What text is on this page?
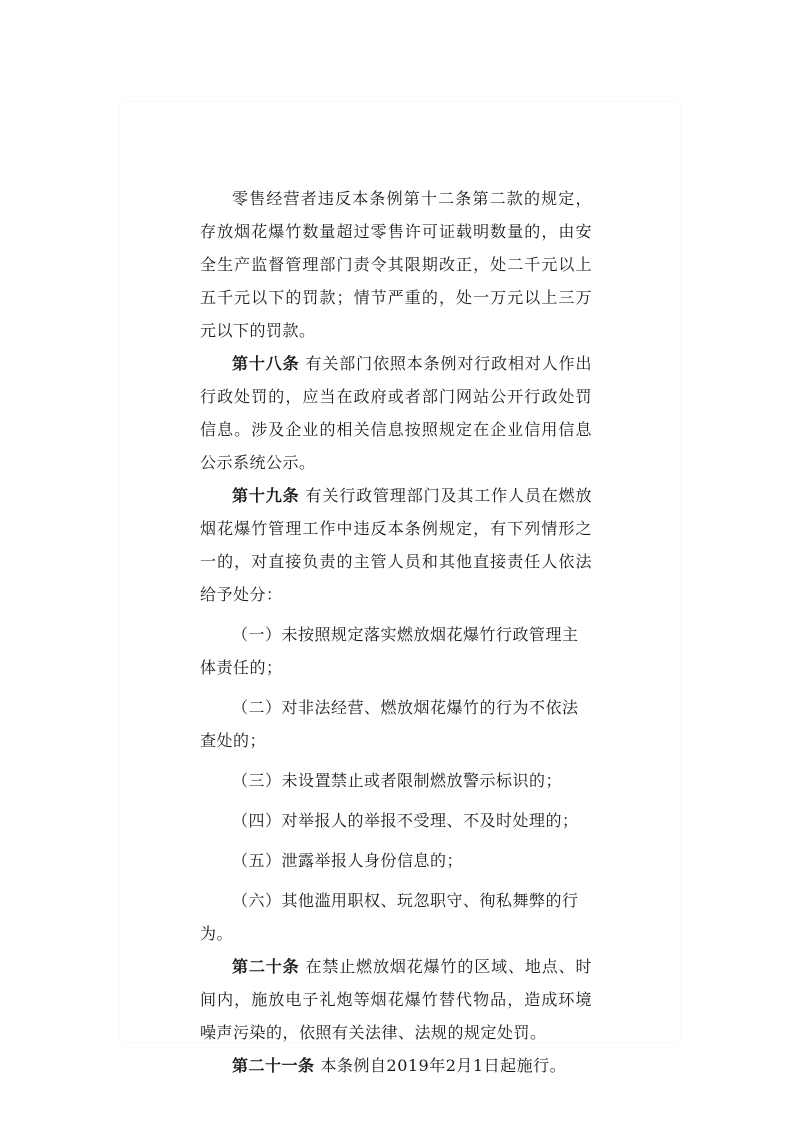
零售经营者违反本条例第十二条第二款的规定，存放烟花爆竹数量超过零售许可证载明数量的，由安全生产监督管理部门责令其限期改正，处二千元以上五千元以下的罚款；情节严重的，处一万元以上三万元以下的罚款。

第十八条 有关部门依照本条例对行政相对人作出行政处罚的，应当在政府或者部门网站公开行政处罚信息。涉及企业的相关信息按照规定在企业信用信息公示系统公示。

第十九条 有关行政管理部门及其工作人员在燃放烟花爆竹管理工作中违反本条例规定，有下列情形之一的，对直接负责的主管人员和其他直接责任人依法给予处分：

（一）未按照规定落实燃放烟花爆竹行政管理主体责任的；

（二）对非法经营、燃放烟花爆竹的行为不依法查处的；

（三）未设置禁止或者限制燃放警示标识的；

（四）对举报人的举报不受理、不及时处理的；

（五）泄露举报人身份信息的；

（六）其他滥用职权、玩忽职守、徇私舞弊的行为。

第二十条 在禁止燃放烟花爆竹的区域、地点、时间内，施放电子礼炮等烟花爆竹替代物品，造成环境噪声污染的，依照有关法律、法规的规定处罚。

第二十一条 本条例自2019年2月1日起施行。
